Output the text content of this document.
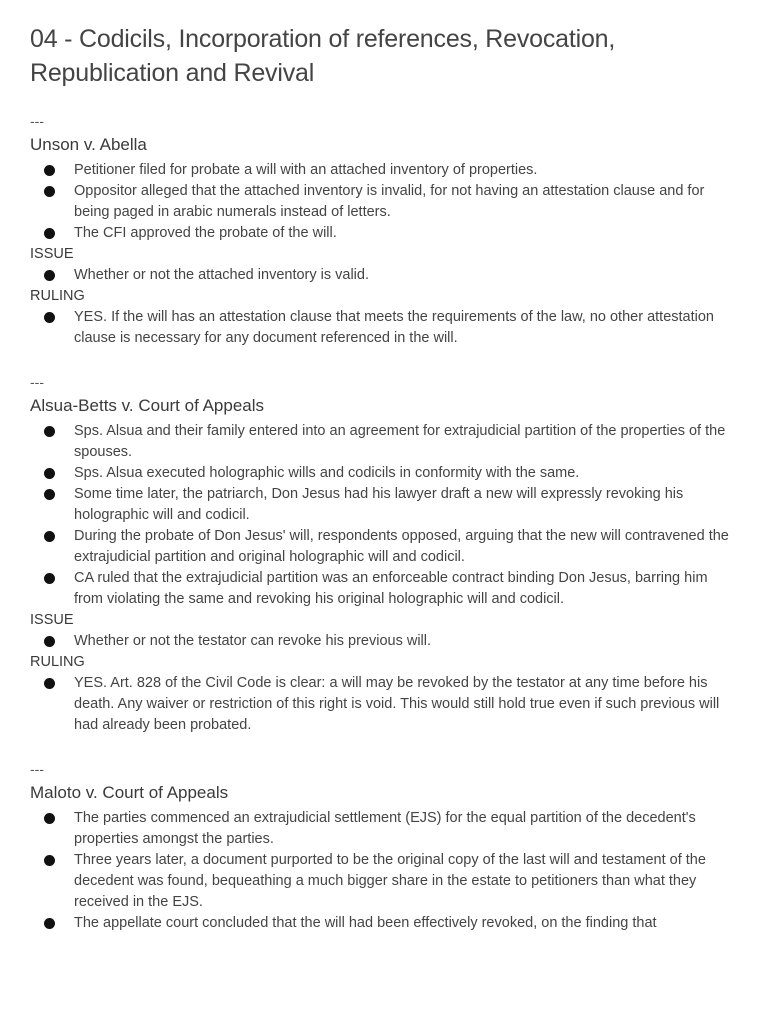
04 - Codicils, Incorporation of references, Revocation, Republication and Revival
---
Unson v. Abella
Petitioner filed for probate a will with an attached inventory of properties.
Oppositor alleged that the attached inventory is invalid, for not having an attestation clause and for being paged in arabic numerals instead of letters.
The CFI approved the probate of the will.
ISSUE
Whether or not the attached inventory is valid.
RULING
YES. If the will has an attestation clause that meets the requirements of the law, no other attestation clause is necessary for any document referenced in the will.
---
Alsua-Betts v. Court of Appeals
Sps. Alsua and their family entered into an agreement for extrajudicial partition of the properties of the spouses.
Sps. Alsua executed holographic wills and codicils in conformity with the same.
Some time later, the patriarch, Don Jesus had his lawyer draft a new will expressly revoking his holographic will and codicil.
During the probate of Don Jesus' will, respondents opposed, arguing that the new will contravened the extrajudicial partition and original holographic will and codicil.
CA ruled that the extrajudicial partition was an enforceable contract binding Don Jesus, barring him from violating the same and revoking his original holographic will and codicil.
ISSUE
Whether or not the testator can revoke his previous will.
RULING
YES. Art. 828 of the Civil Code is clear: a will may be revoked by the testator at any time before his death. Any waiver or restriction of this right is void. This would still hold true even if such previous will had already been probated.
---
Maloto v. Court of Appeals
The parties commenced an extrajudicial settlement (EJS) for the equal partition of the decedent's properties amongst the parties.
Three years later, a document purported to be the original copy of the last will and testament of the decedent was found, bequeathing a much bigger share in the estate to petitioners than what they received in the EJS.
The appellate court concluded that the will had been effectively revoked, on the finding that
